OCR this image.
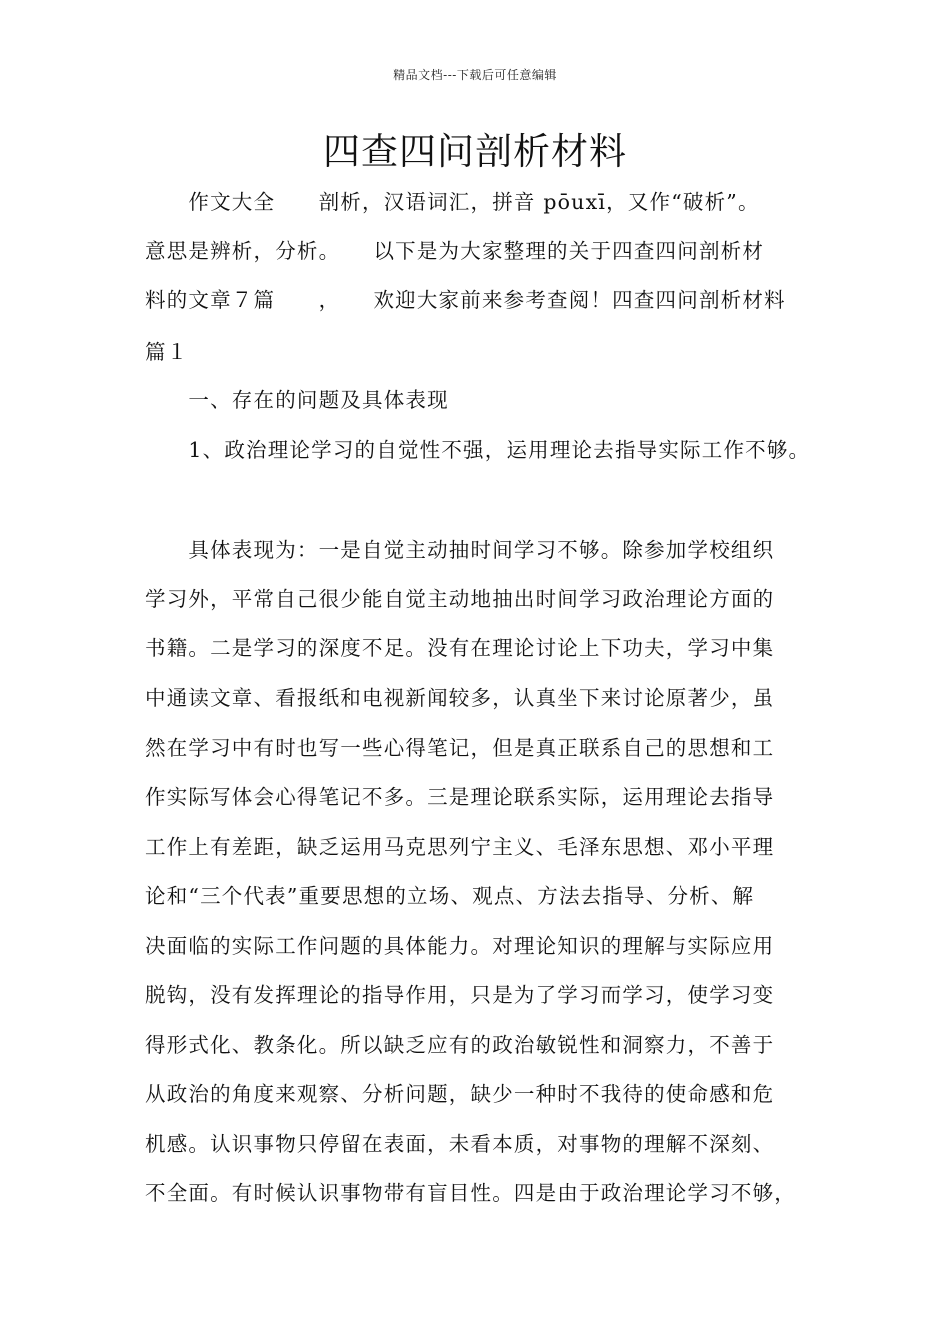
精品文档---下载后可任意编辑
四查四问剖析材料
　　作文大全　　剖析，汉语词汇，拼音 pōuxī，又作“破析”。
意思是辨析，分析。　　以下是为大家整理的关于四查四问剖析材
料的文章７篇　　，　　欢迎大家前来参考查阅！四查四问剖析材料
篇１
　　一、存在的问题及具体表现
　　1、政治理论学习的自觉性不强，运用理论去指导实际工作不够。
　　具体表现为：一是自觉主动抽时间学习不够。除参加学校组织
学习外，平常自己很少能自觉主动地抽出时间学习政治理论方面的
书籍。二是学习的深度不足。没有在理论讨论上下功夫，学习中集
中通读文章、看报纸和电视新闻较多，认真坐下来讨论原著少，虽
然在学习中有时也写一些心得笔记，但是真正联系自己的思想和工
作实际写体会心得笔记不多。三是理论联系实际，运用理论去指导
工作上有差距，缺乏运用马克思列宁主义、毛泽东思想、邓小平理
论和“三个代表”重要思想的立场、观点、方法去指导、分析、解
决面临的实际工作问题的具体能力。对理论知识的理解与实际应用
脱钩，没有发挥理论的指导作用，只是为了学习而学习，使学习变
得形式化、教条化。所以缺乏应有的政治敏锐性和洞察力，不善于
从政治的角度来观察、分析问题，缺少一种时不我待的使命感和危
机感。认识事物只停留在表面，未看本质，对事物的理解不深刻、
不全面。有时候认识事物带有盲目性。四是由于政治理论学习不够，
